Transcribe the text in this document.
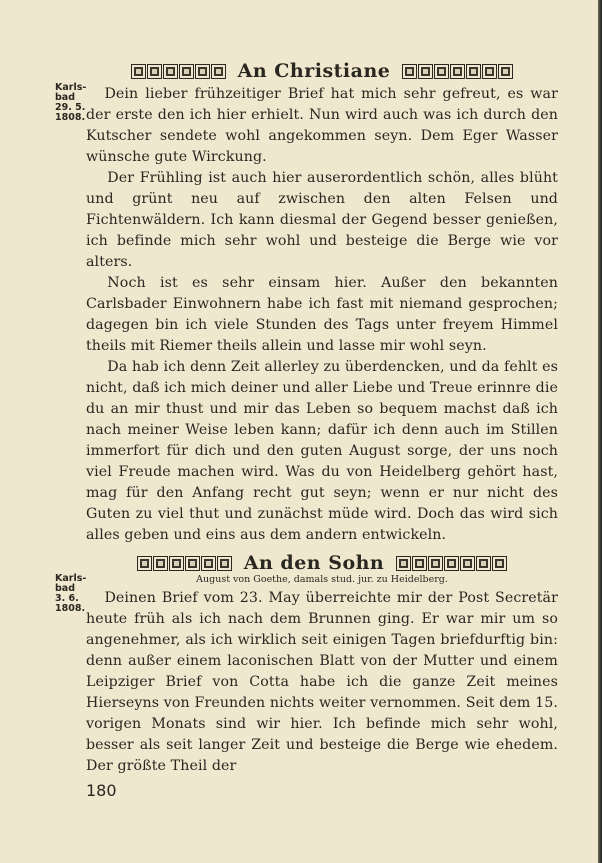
Karls-
bad
29. 5.
1808.
Karls-
bad
3. 6.
1808.
An Christiane

Dein lieber frühzeitiger Brief hat mich sehr gefreut, es war der erste den ich hier erhielt. Nun wird auch was ich durch den Kutscher sendete wohl angekommen seyn. Dem Eger Wasser wünsche gute Wirckung.

Der Frühling ist auch hier auserordentlich schön, alles blüht und grünt neu auf zwischen den alten Felsen und Fichtenwäldern. Ich kann diesmal der Gegend besser genießen, ich befinde mich sehr wohl und besteige die Berge wie vor alters.

Noch ist es sehr einsam hier. Außer den bekannten Carlsbader Einwohnern habe ich fast mit niemand gesprochen; dagegen bin ich viele Stunden des Tags unter freyem Himmel theils mit Riemer theils allein und lasse mir wohl seyn.

Da hab ich denn Zeit allerley zu überdencken, und da fehlt es nicht, daß ich mich deiner und aller Liebe und Treue erinnre die du an mir thust und mir das Leben so bequem machst daß ich nach meiner Weise leben kann; dafür ich denn auch im Stillen immerfort für dich und den guten August sorge, der uns noch viel Freude machen wird. Was du von Heidelberg gehört hast, mag für den Anfang recht gut seyn; wenn er nur nicht des Guten zu viel thut und zunächst müde wird. Doch das wird sich alles geben und eins aus dem andern entwickeln.

An den Sohn
August von Goethe, damals stud. jur. zu Heidelberg.

Deinen Brief vom 23. May überreichte mir der Post Secretär heute früh als ich nach dem Brunnen ging. Er war mir um so angenehmer, als ich wirklich seit einigen Tagen briefdurftig bin: denn außer einem laconischen Blatt von der Mutter und einem Leipziger Brief von Cotta habe ich die ganze Zeit meines Hierseyns von Freunden nichts weiter vernommen. Seit dem 15. vorigen Monats sind wir hier. Ich befinde mich sehr wohl, besser als seit langer Zeit und besteige die Berge wie ehedem. Der größte Theil der

180
